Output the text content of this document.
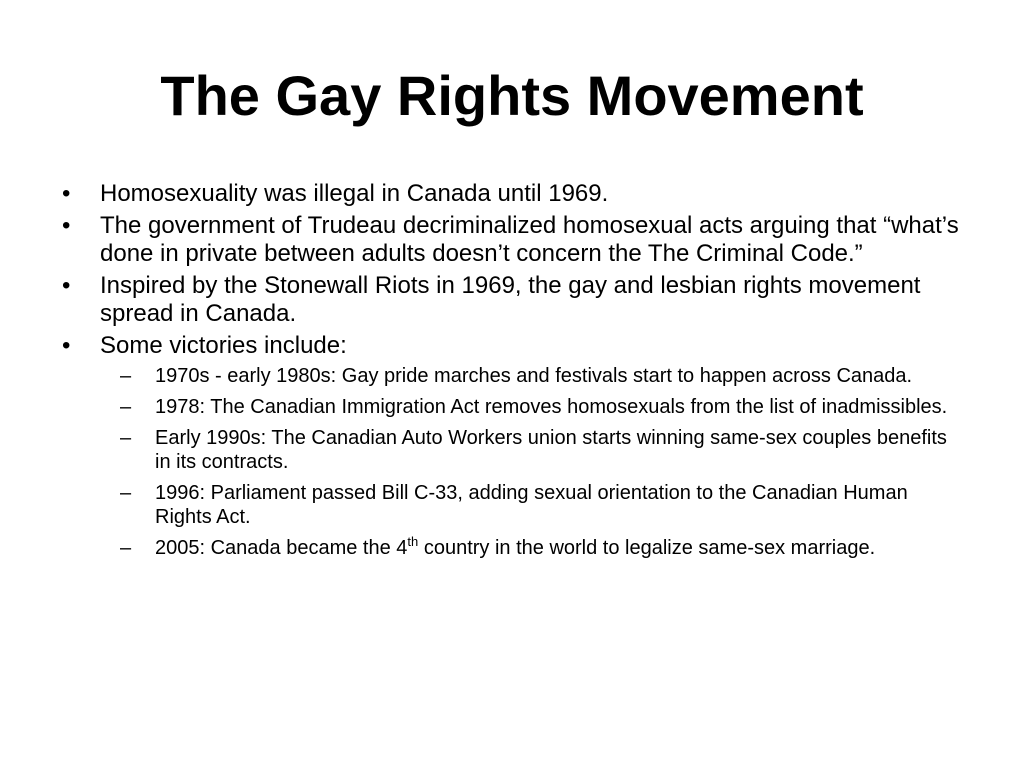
The Gay Rights Movement
• Homosexuality was illegal in Canada until 1969.
• The government of Trudeau decriminalized homosexual acts arguing that “what’s done in private between adults doesn’t concern the The Criminal Code.”
• Inspired by the Stonewall Riots in 1969, the gay and lesbian rights movement spread in Canada.
• Some victories include:
– 1970s - early 1980s: Gay pride marches and festivals start to happen across Canada.
– 1978: The Canadian Immigration Act removes homosexuals from the list of inadmissibles.
– Early 1990s: The Canadian Auto Workers union starts winning same-sex couples benefits in its contracts.
– 1996: Parliament passed Bill C-33, adding sexual orientation to the Canadian Human Rights Act.
– 2005: Canada became the 4th country in the world to legalize same-sex marriage.
